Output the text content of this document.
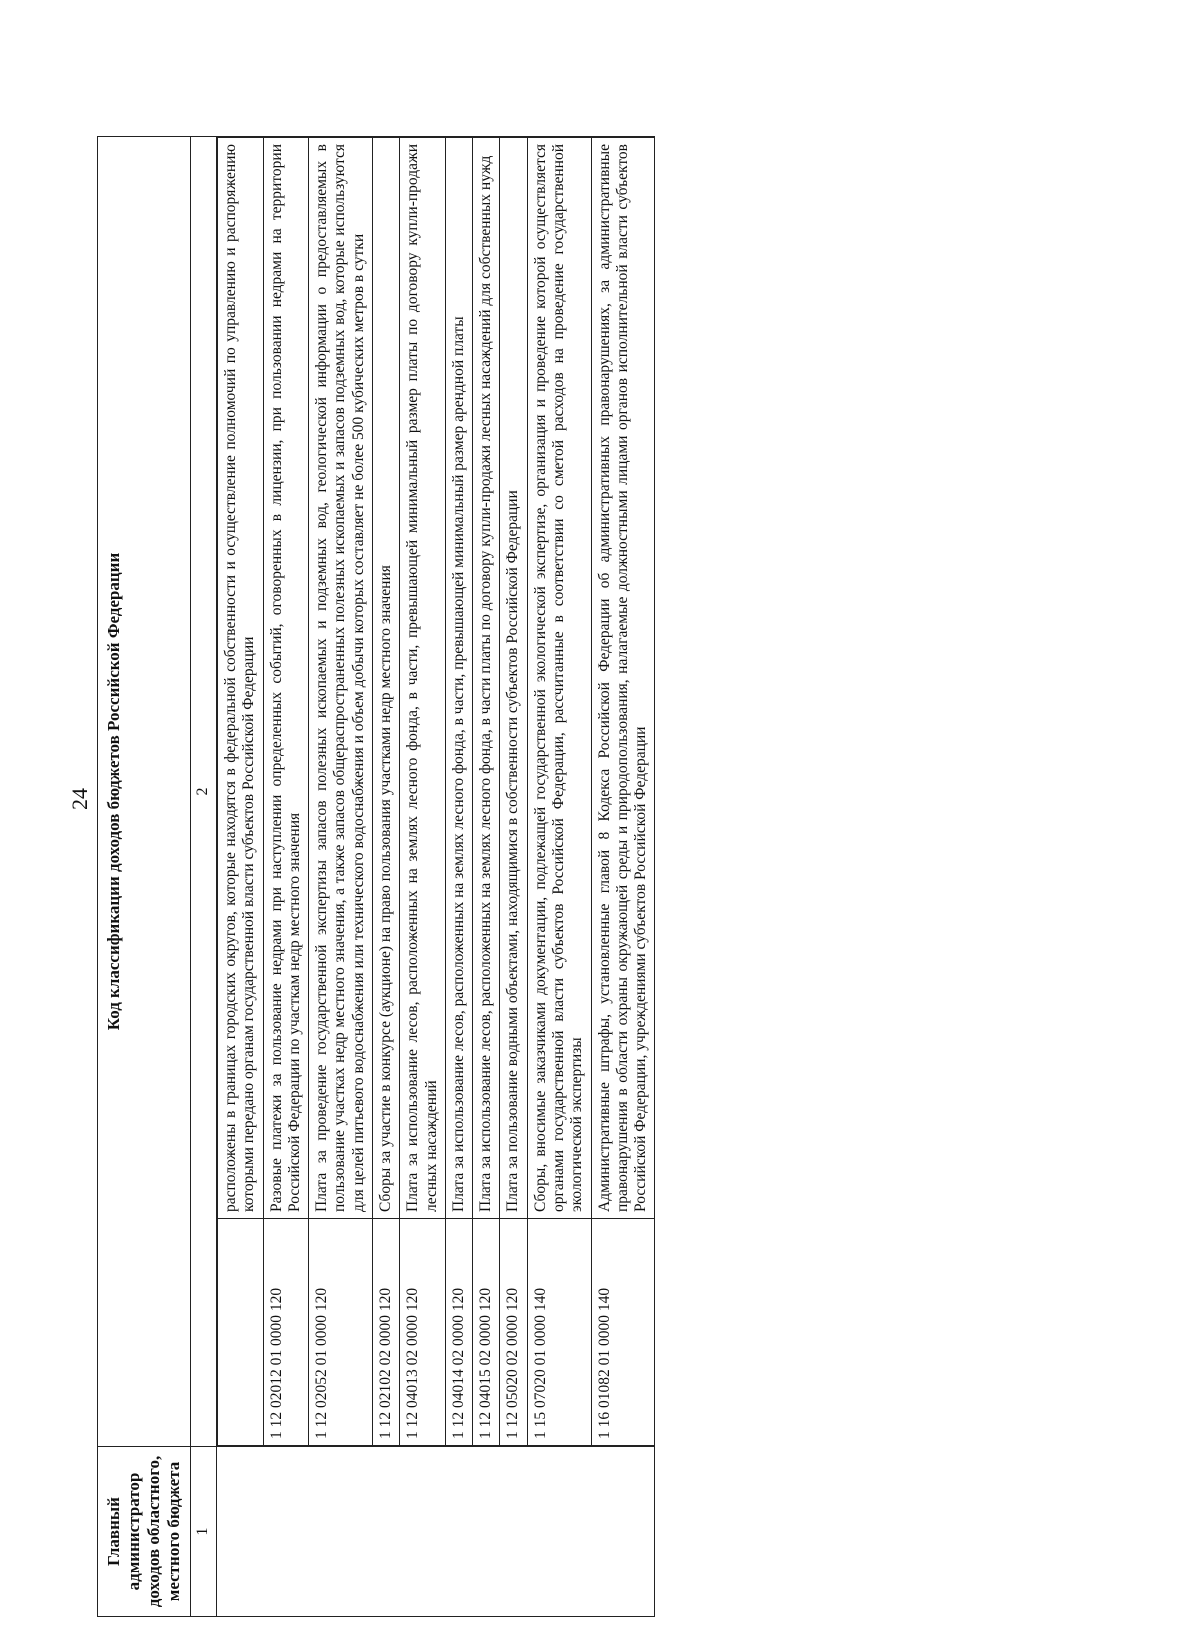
24
Главный администратор доходов областного, местного бюджета	Код классификации доходов бюджетов Российской Федерации
1	2

	расположены в границах городских округов, которые находятся в федеральной собственности и осуществление полномочий по управлению и распоряжению которыми передано органам государственной власти субъектов Российской Федерации
1 12 02012 01 0000 120	Разовые платежи за пользование недрами при наступлении определенных событий, оговоренных в лицензии, при пользовании недрами на территории Российской Федерации по участкам недр местного значения
1 12 02052 01 0000 120	Плата за проведение государственной экспертизы запасов полезных ископаемых и подземных вод, геологической информации о предоставляемых в пользование участках недр местного значения, а также запасов общераспространенных полезных ископаемых и запасов подземных вод, которые используются для целей питьевого водоснабжения или технического водоснабжения и объем добычи которых составляет не более 500 кубических метров в сутки
1 12 02102 02 0000 120	Сборы за участие в конкурсе (аукционе) на право пользования участками недр местного значения
1 12 04013 02 0000 120	Плата за использование лесов, расположенных на землях лесного фонда, в части, превышающей минимальный размер платы по договору купли-продажи лесных насаждений
1 12 04014 02 0000 120	Плата за использование лесов, расположенных на землях лесного фонда, в части, превышающей минимальный размер арендной платы
1 12 04015 02 0000 120	Плата за использование лесов, расположенных на землях лесного фонда, в части платы по договору купли-продажи лесных насаждений для собственных нужд
1 12 05020 02 0000 120	Плата за пользование водными объектами, находящимися в собственности субъектов Российской Федерации
1 15 07020 01 0000 140	Сборы, вносимые заказчиками документации, подлежащей государственной экологической экспертизе, организация и проведение которой осуществляется органами государственной власти субъектов Российской Федерации, рассчитанные в соответствии со сметой расходов на проведение государственной экологической экспертизы
1 16 01082 01 0000 140	Административные штрафы, установленные главой 8 Кодекса Российской Федерации об административных правонарушениях, за административные правонарушения в области охраны окружающей среды и природопользования, налагаемые должностными лицами органов исполнительной власти субъектов Российской Федерации, учреждениями субъектов Российской Федерации
